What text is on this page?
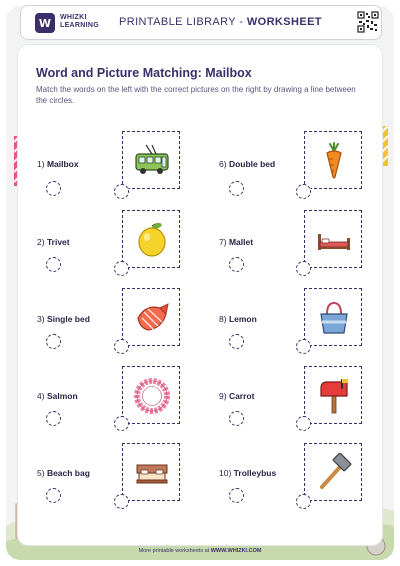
W	WHIZKI
LEARNING PRINTABLE LIBRARY - WORKSHEET
Word and Picture Matching: Mailbox
Match the words on the left with the correct pictures on the right by drawing a line between the circles.
1) Mailbox
2) Trivet
3) Single bed
4) Salmon
5) Beach bag
6) Double bed
7) Mallet
8) Lemon
9) Carrot
10) Trolleybus
More printable worksheets at WWW.WHIZKI.COM
